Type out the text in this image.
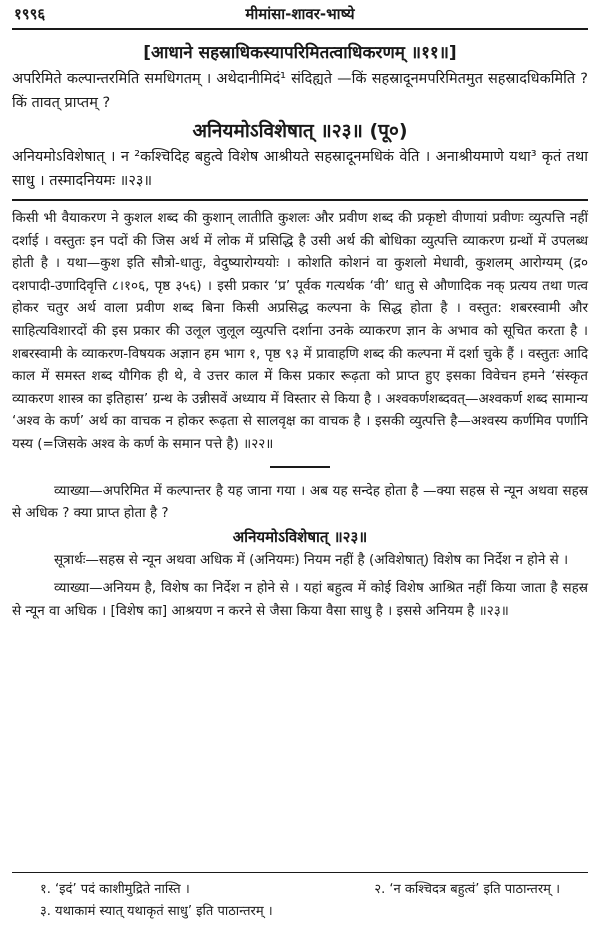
१९९६	मीमांसा-शावर-भाष्ये
[आधाने सहस्राधिकस्यापरिमितत्वाधिकरणम् ॥११॥]

अपरिमिते कल्पान्तरमिति समधिगतम् । अथेदानीमिदं¹ संदिह्यते —किं सहस्रादूनमपरिमितमुत सहस्रादधिकमिति ? किं तावत् प्राप्तम् ?

अनियमोऽविशेषात् ॥२३॥ (पू०)

अनियमोऽविशेषात् । न ²कश्चिदिह बहुत्वे विशेष आश्रीयते सहस्रादूनमधिकं वेति । अनाश्रीयमाणे यथा³ कृतं तथा साधु । तस्मादनियमः ॥२३॥

किसी भी वैयाकरण ने कुशल शब्द की कुशान् लातीति कुशलः और प्रवीण शब्द की प्रकृष्टो वीणायां प्रवीणः व्युत्पत्ति नहीं दर्शाई । वस्तुतः इन पदों की जिस अर्थ में लोक में प्रसिद्धि है उसी अर्थ की बोधिका व्युत्पत्ति व्याकरण ग्रन्थों में उपलब्ध होती है । यथा—कुश इति सौत्रो-धातुः, वेदुष्यारोग्ययोः । कोशति कोशनं वा कुशलो मेधावी, कुशलम् आरोग्यम् (द्र० दशपादी-उणादिवृत्ति ८।१०६, पृष्ठ ३५६) । इसी प्रकार ‘प्र’ पूर्वक गत्यर्थक ‘वी’ धातु से औणादिक नक् प्रत्यय तथा णत्व होकर चतुर अर्थ वाला प्रवीण शब्द बिना किसी अप्रसिद्ध कल्पना के सिद्ध होता है । वस्तुत: शबरस्वामी और साहित्यविशारदों की इस प्रकार की उलूल जुलूल व्युत्पत्ति दर्शाना उनके व्याकरण ज्ञान के अभाव को सूचित करता है । शबरस्वामी के व्याकरण-विषयक अज्ञान हम भाग १, पृष्ठ ९३ में प्रावाहणि शब्द की कल्पना में दर्शा चुके हैं । वस्तुतः आदि काल में समस्त शब्द यौगिक ही थे, वे उत्तर काल में किस प्रकार रूढ़ता को प्राप्त हुए इसका विवेचन हमने ‘संस्कृत व्याकरण शास्त्र का इतिहास’ ग्रन्थ के उन्नीसवें अध्याय में विस्तार से किया है । अश्वकर्णशब्दवत्—अश्वकर्ण शब्द सामान्य ‘अश्व के कर्ण’ अर्थ का वाचक न होकर रूढ़ता से सालवृक्ष का वाचक है । इसकी व्युत्पत्ति है—अश्वस्य कर्णमिव पर्णानि यस्य (=जिसके अश्व के कर्ण के समान पत्ते है) ॥२२॥

व्याख्या—अपरिमित में कल्पान्तर है यह जाना गया । अब यह सन्देह होता है —क्या सहस्र से न्यून अथवा सहस्र से अधिक ? क्या प्राप्त होता है ?

अनियमोऽविशेषात् ॥२३॥

सूत्रार्थः—सहस्र से न्यून अथवा अधिक में (अनियमः) नियम नहीं है (अविशेषात्) विशेष का निर्देश न होने से ।

व्याख्या—अनियम है, विशेष का निर्देश न होने से । यहां बहुत्व में कोई विशेष आश्रित नहीं किया जाता है सहस्र से न्यून वा अधिक । [विशेष का] आश्रयण न करने से जैसा किया वैसा साधु है । इससे अनियम है ॥२३॥

१. ‘इदं’ पदं काशीमुद्रिते नास्ति ।	२. ‘न कश्चिदत्र बहुत्वं’ इति पाठान्तरम् ।
३. यथाकामं स्यात् यथाकृतं साधु’ इति पाठान्तरम् ।
